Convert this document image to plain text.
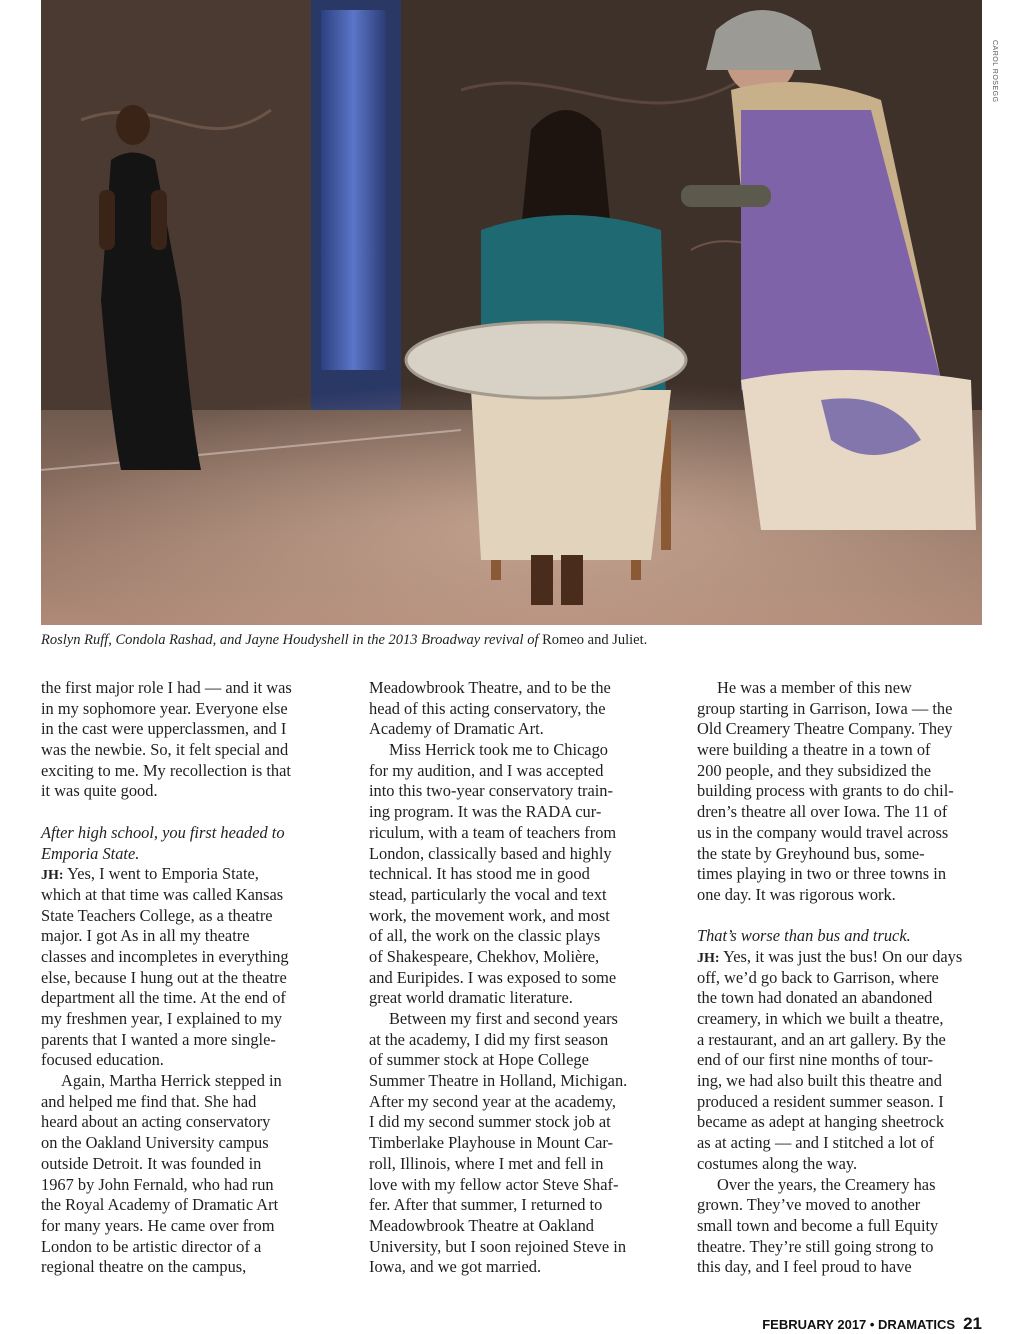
CAROL ROSEGG
Roslyn Ruff, Condola Rashad, and Jayne Houdyshell in the 2013 Broadway revival of Romeo and Juliet.
the first major role I had — and it was
in my sophomore year. Everyone else
in the cast were upperclassmen, and I
was the newbie. So, it felt special and
exciting to me. My recollection is that
it was quite good.
After high school, you first headed to
Emporia State.
JH: Yes, I went to Emporia State,
which at that time was called Kansas
State Teachers College, as a theatre
major. I got As in all my theatre
classes and incompletes in everything
else, because I hung out at the theatre
department all the time. At the end of
my freshmen year, I explained to my
parents that I wanted a more single-
focused education.
Again, Martha Herrick stepped in
and helped me find that. She had
heard about an acting conservatory
on the Oakland University campus
outside Detroit. It was founded in
1967 by John Fernald, who had run
the Royal Academy of Dramatic Art
for many years. He came over from
London to be artistic director of a
regional theatre on the campus,
Meadowbrook Theatre, and to be the
head of this acting conservatory, the
Academy of Dramatic Art.
Miss Herrick took me to Chicago
for my audition, and I was accepted
into this two-year conservatory train-
ing program. It was the RADA cur-
riculum, with a team of teachers from
London, classically based and highly
technical. It has stood me in good
stead, particularly the vocal and text
work, the movement work, and most
of all, the work on the classic plays
of Shakespeare, Chekhov, Molière,
and Euripides. I was exposed to some
great world dramatic literature.
Between my first and second years
at the academy, I did my first season
of summer stock at Hope College
Summer Theatre in Holland, Michigan.
After my second year at the academy,
I did my second summer stock job at
Timberlake Playhouse in Mount Car-
roll, Illinois, where I met and fell in
love with my fellow actor Steve Shaf-
fer. After that summer, I returned to
Meadowbrook Theatre at Oakland
University, but I soon rejoined Steve in
Iowa, and we got married.
He was a member of this new
group starting in Garrison, Iowa — the
Old Creamery Theatre Company. They
were building a theatre in a town of
200 people, and they subsidized the
building process with grants to do chil-
dren’s theatre all over Iowa. The 11 of
us in the company would travel across
the state by Greyhound bus, some-
times playing in two or three towns in
one day. It was rigorous work.
That’s worse than bus and truck.
JH: Yes, it was just the bus! On our days
off, we’d go back to Garrison, where
the town had donated an abandoned
creamery, in which we built a theatre,
a restaurant, and an art gallery. By the
end of our first nine months of tour-
ing, we had also built this theatre and
produced a resident summer season. I
became as adept at hanging sheetrock
as at acting — and I stitched a lot of
costumes along the way.
Over the years, the Creamery has
grown. They’ve moved to another
small town and become a full Equity
theatre. They’re still going strong to
this day, and I feel proud to have
FEBRUARY 2017 • DRAMATICS 21
